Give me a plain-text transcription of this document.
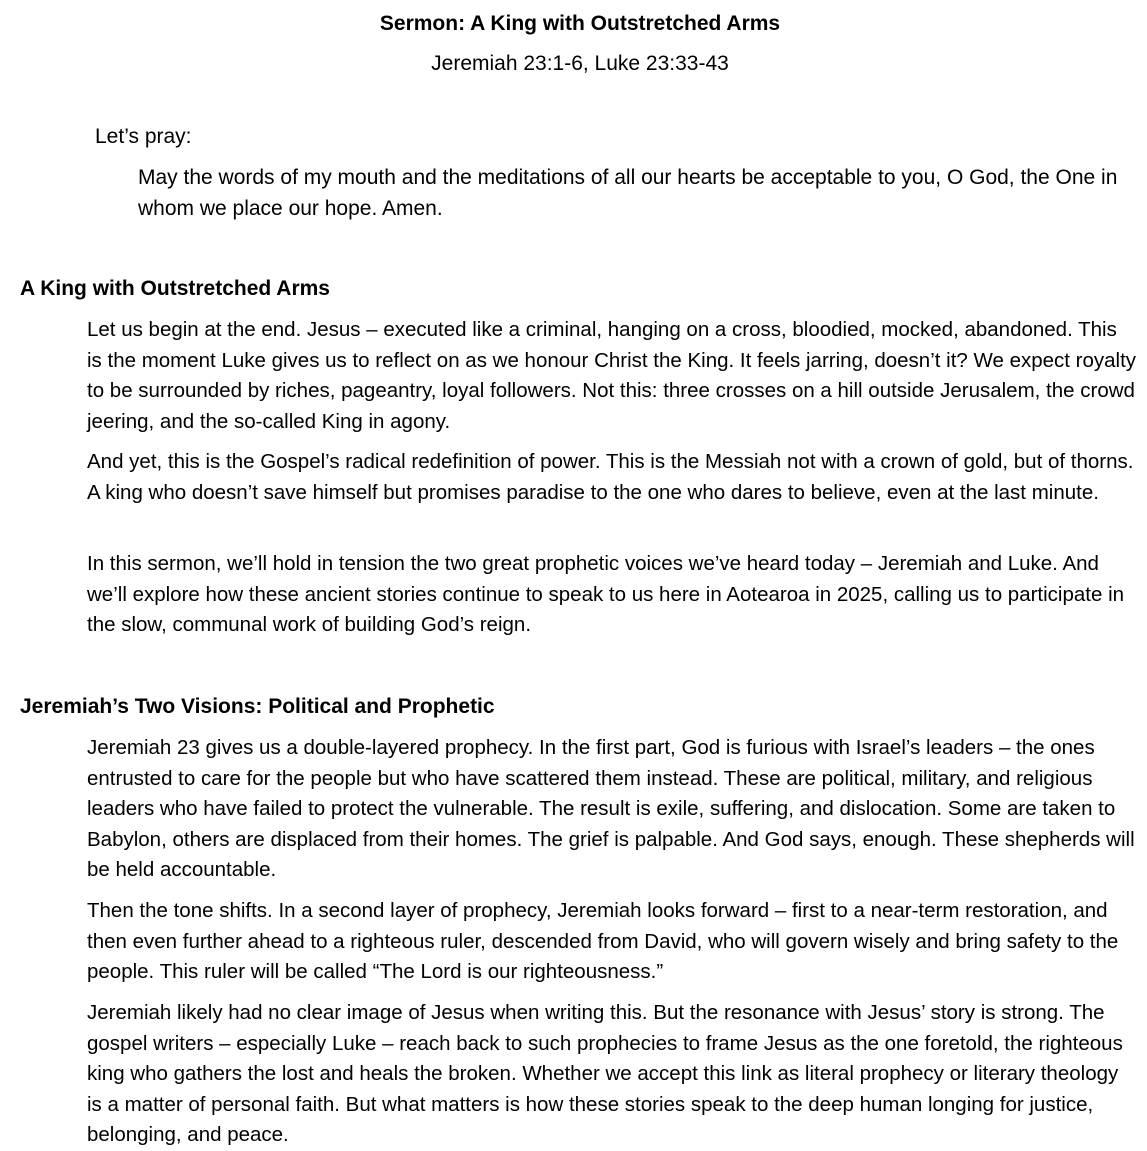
Sermon: A King with Outstretched Arms
Jeremiah 23:1-6, Luke 23:33-43
Let’s pray:
May the words of my mouth and the meditations of all our hearts be acceptable to you, O God, the One in whom we place our hope. Amen.
A King with Outstretched Arms

Let us begin at the end. Jesus – executed like a criminal, hanging on a cross, bloodied, mocked, abandoned. This is the moment Luke gives us to reflect on as we honour Christ the King. It feels jarring, doesn’t it? We expect royalty to be surrounded by riches, pageantry, loyal followers. Not this: three crosses on a hill outside Jerusalem, the crowd jeering, and the so-called King in agony.

And yet, this is the Gospel’s radical redefinition of power. This is the Messiah not with a crown of gold, but of thorns. A king who doesn’t save himself but promises paradise to the one who dares to believe, even at the last minute.

In this sermon, we’ll hold in tension the two great prophetic voices we’ve heard today – Jeremiah and Luke. And we’ll explore how these ancient stories continue to speak to us here in Aotearoa in 2025, calling us to participate in the slow, communal work of building God’s reign.

Jeremiah’s Two Visions: Political and Prophetic

Jeremiah 23 gives us a double-layered prophecy. In the first part, God is furious with Israel’s leaders – the ones entrusted to care for the people but who have scattered them instead. These are political, military, and religious leaders who have failed to protect the vulnerable. The result is exile, suffering, and dislocation. Some are taken to Babylon, others are displaced from their homes. The grief is palpable. And God says, enough. These shepherds will be held accountable.

Then the tone shifts. In a second layer of prophecy, Jeremiah looks forward – first to a near-term restoration, and then even further ahead to a righteous ruler, descended from David, who will govern wisely and bring safety to the people. This ruler will be called “The Lord is our righteousness.”

Jeremiah likely had no clear image of Jesus when writing this. But the resonance with Jesus’ story is strong. The gospel writers – especially Luke – reach back to such prophecies to frame Jesus as the one foretold, the righteous king who gathers the lost and heals the broken. Whether we accept this link as literal prophecy or literary theology is a matter of personal faith. But what matters is how these stories speak to the deep human longing for justice, belonging, and peace.
